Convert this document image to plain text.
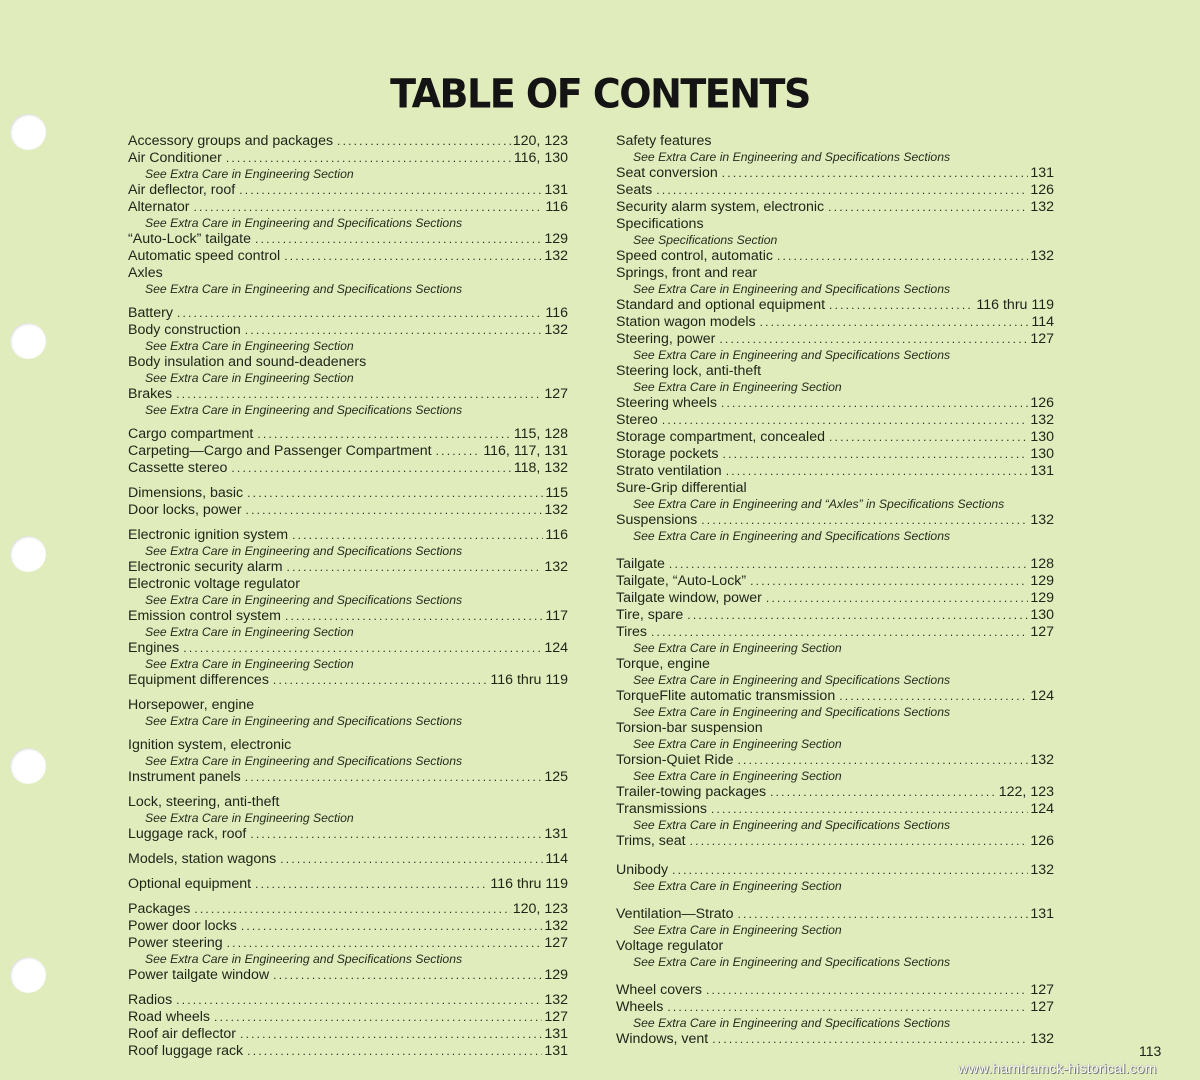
TABLE OF CONTENTS
Accessory groups and packages .....	120, 123
Air Conditioner .....	116, 130
See Extra Care in Engineering Section
Air deflector, roof .....	131
Alternator .....	116
See Extra Care in Engineering and Specifications Sections
“Auto-Lock” tailgate .....	129
Automatic speed control .....	132
Axles
See Extra Care in Engineering and Specifications Sections
Battery .....	116
Body construction .....	132
See Extra Care in Engineering Section
Body insulation and sound-deadeners
See Extra Care in Engineering Section
Brakes .....	127
See Extra Care in Engineering and Specifications Sections
Cargo compartment .....	115, 128
Carpeting—Cargo and Passenger Compartment .....	116, 117, 131
Cassette stereo .....	118, 132
Dimensions, basic .....	115
Door locks, power .....	132
Electronic ignition system .....	116
See Extra Care in Engineering and Specifications Sections
Electronic security alarm .....	132
Electronic voltage regulator
See Extra Care in Engineering and Specifications Sections
Emission control system .....	117
See Extra Care in Engineering Section
Engines .....	124
See Extra Care in Engineering Section
Equipment differences .....	116 thru 119
Horsepower, engine
See Extra Care in Engineering and Specifications Sections
Ignition system, electronic
See Extra Care in Engineering and Specifications Sections
Instrument panels .....	125
Lock, steering, anti-theft
See Extra Care in Engineering Section
Luggage rack, roof .....	131
Models, station wagons .....	114
Optional equipment .....	116 thru 119
Packages .....	120, 123
Power door locks .....	132
Power steering .....	127
See Extra Care in Engineering and Specifications Sections
Power tailgate window .....	129
Radios .....	132
Road wheels .....	127
Roof air deflector .....	131
Roof luggage rack .....	131
Safety features
See Extra Care in Engineering and Specifications Sections
Seat conversion .....	131
Seats .....	126
Security alarm system, electronic .....	132
Specifications
See Specifications Section
Speed control, automatic .....	132
Springs, front and rear
See Extra Care in Engineering and Specifications Sections
Standard and optional equipment .....	116 thru 119
Station wagon models .....	114
Steering, power .....	127
See Extra Care in Engineering and Specifications Sections
Steering lock, anti-theft
See Extra Care in Engineering Section
Steering wheels .....	126
Stereo .....	132
Storage compartment, concealed .....	130
Storage pockets .....	130
Strato ventilation .....	131
Sure-Grip differential
See Extra Care in Engineering and “Axles” in Specifications Sections
Suspensions .....	132
See Extra Care in Engineering and Specifications Sections
Tailgate .....	128
Tailgate, “Auto-Lock” .....	129
Tailgate window, power .....	129
Tire, spare .....	130
Tires .....	127
See Extra Care in Engineering Section
Torque, engine
See Extra Care in Engineering and Specifications Sections
TorqueFlite automatic transmission .....	124
See Extra Care in Engineering and Specifications Sections
Torsion-bar suspension
See Extra Care in Engineering Section
Torsion-Quiet Ride .....	132
See Extra Care in Engineering Section
Trailer-towing packages .....	122, 123
Transmissions .....	124
See Extra Care in Engineering and Specifications Sections
Trims, seat .....	126
Unibody .....	132
See Extra Care in Engineering Section
Ventilation—Strato .....	131
See Extra Care in Engineering Section
Voltage regulator
See Extra Care in Engineering and Specifications Sections
Wheel covers .....	127
Wheels .....	127
See Extra Care in Engineering and Specifications Sections
Windows, vent .....	132
113
www.hamtramck-historical.com
